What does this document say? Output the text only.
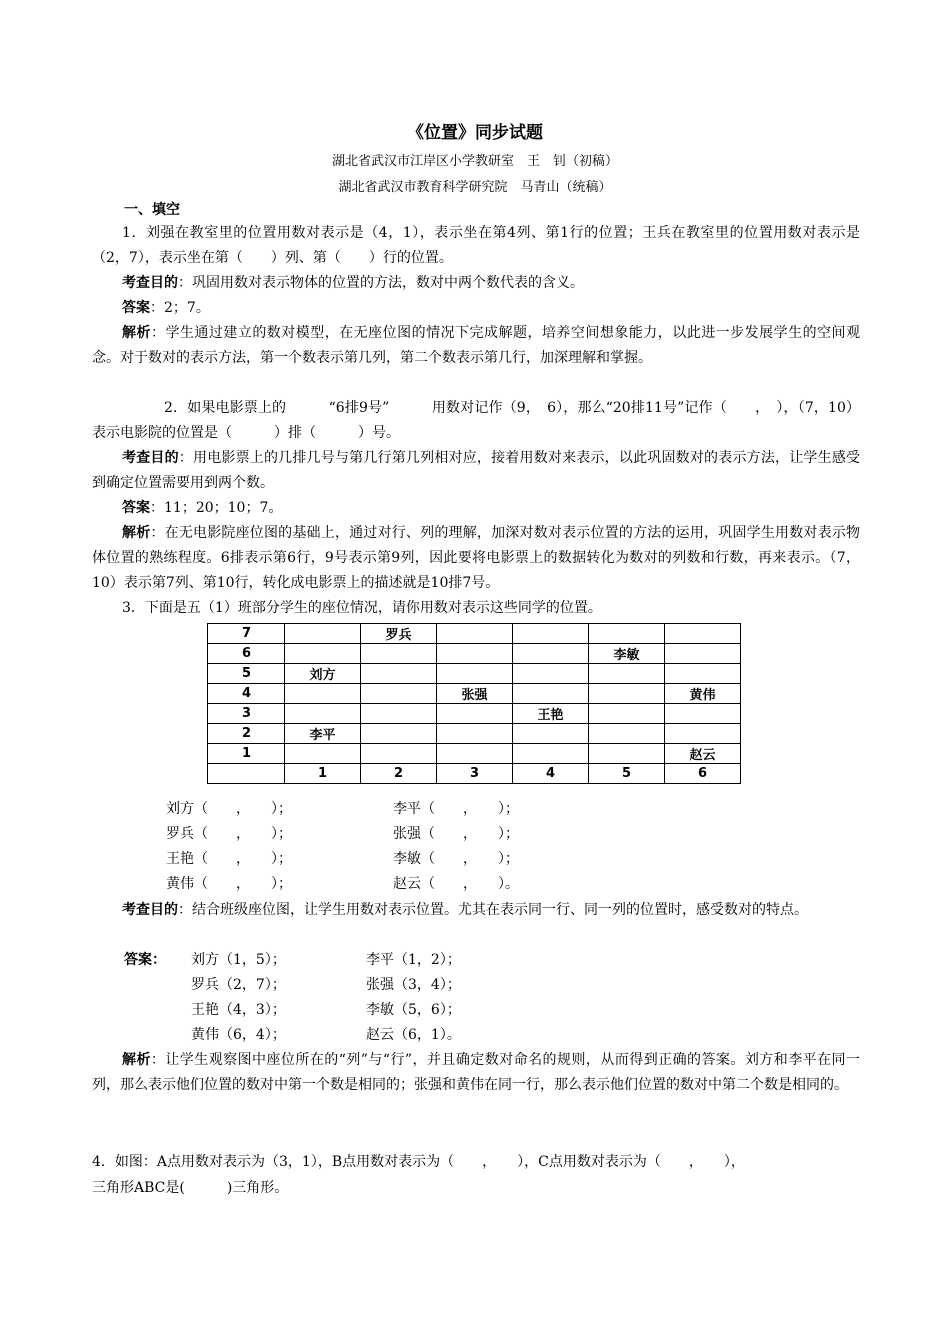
《位置》同步试题
湖北省武汉市江岸区小学教研室　王　钊（初稿）
湖北省武汉市教育科学研究院　马青山（统稿）
一、填空
1．刘强在教室里的位置用数对表示是（4，1），表示坐在第4列、第1行的位置；王兵在教室里的位置用数对表示是（2，7），表示坐在第（　　）列、第（　　）行的位置。
考查目的：巩固用数对表示物体的位置的方法，数对中两个数代表的含义。
答案：2；7。
解析：学生通过建立的数对模型，在无座位图的情况下完成解题，培养空间想象能力，以此进一步发展学生的空间观念。对于数对的表示方法，第一个数表示第几列，第二个数表示第几行，加深理解和掌握。
2．如果电影票上的　　　“6排9号”　　　用数对记作（9，　6），那么“20排11号”记作（　　，　），（7，10）表示电影院的位置是（　　　）排（　　　）号。
考查目的：用电影票上的几排几号与第几行第几列相对应，接着用数对来表示，以此巩固数对的表示方法，让学生感受到确定位置需要用到两个数。
答案：11；20；10；7。
解析：在无电影院座位图的基础上，通过对行、列的理解，加深对数对表示位置的方法的运用，巩固学生用数对表示物体位置的熟练程度。6排表示第6行，9号表示第9列，因此要将电影票上的数据转化为数对的列数和行数，再来表示。（7，10）表示第7列、第10行，转化成电影票上的描述就是10排7号。
3．下面是五（1）班部分学生的座位情况，请你用数对表示这些同学的位置。
7		罗兵				
6					李敏	
5	刘方					
4			张强			黄伟
3				王艳		
2	李平					
1						赵云
	1	2	3	4	5	6
刘方（　　，　　）；	李平（　　，　　）；
罗兵（　　，　　）；	张强（　　，　　）；
王艳（　　，　　）；	李敏（　　，　　）；
黄伟（　　，　　）；	赵云（　　，　　）。
考查目的：结合班级座位图，让学生用数对表示位置。尤其在表示同一行、同一列的位置时，感受数对的特点。
答案： 刘方（1，5）；	李平（1，2）；
罗兵（2，7）；	张强（3，4）；
王艳（4，3）；	李敏（5，6）；
黄伟（6，4）；	赵云（6，1）。
解析：让学生观察图中座位所在的“列”与“行”，并且确定数对命名的规则，从而得到正确的答案。刘方和李平在同一列，那么表示他们位置的数对中第一个数是相同的；张强和黄伟在同一行，那么表示他们位置的数对中第二个数是相同的。
4．如图：A点用数对表示为（3，1），B点用数对表示为（　　，　　），C点用数对表示为（　　，　　），
三角形ABC是(　　　)三角形。
